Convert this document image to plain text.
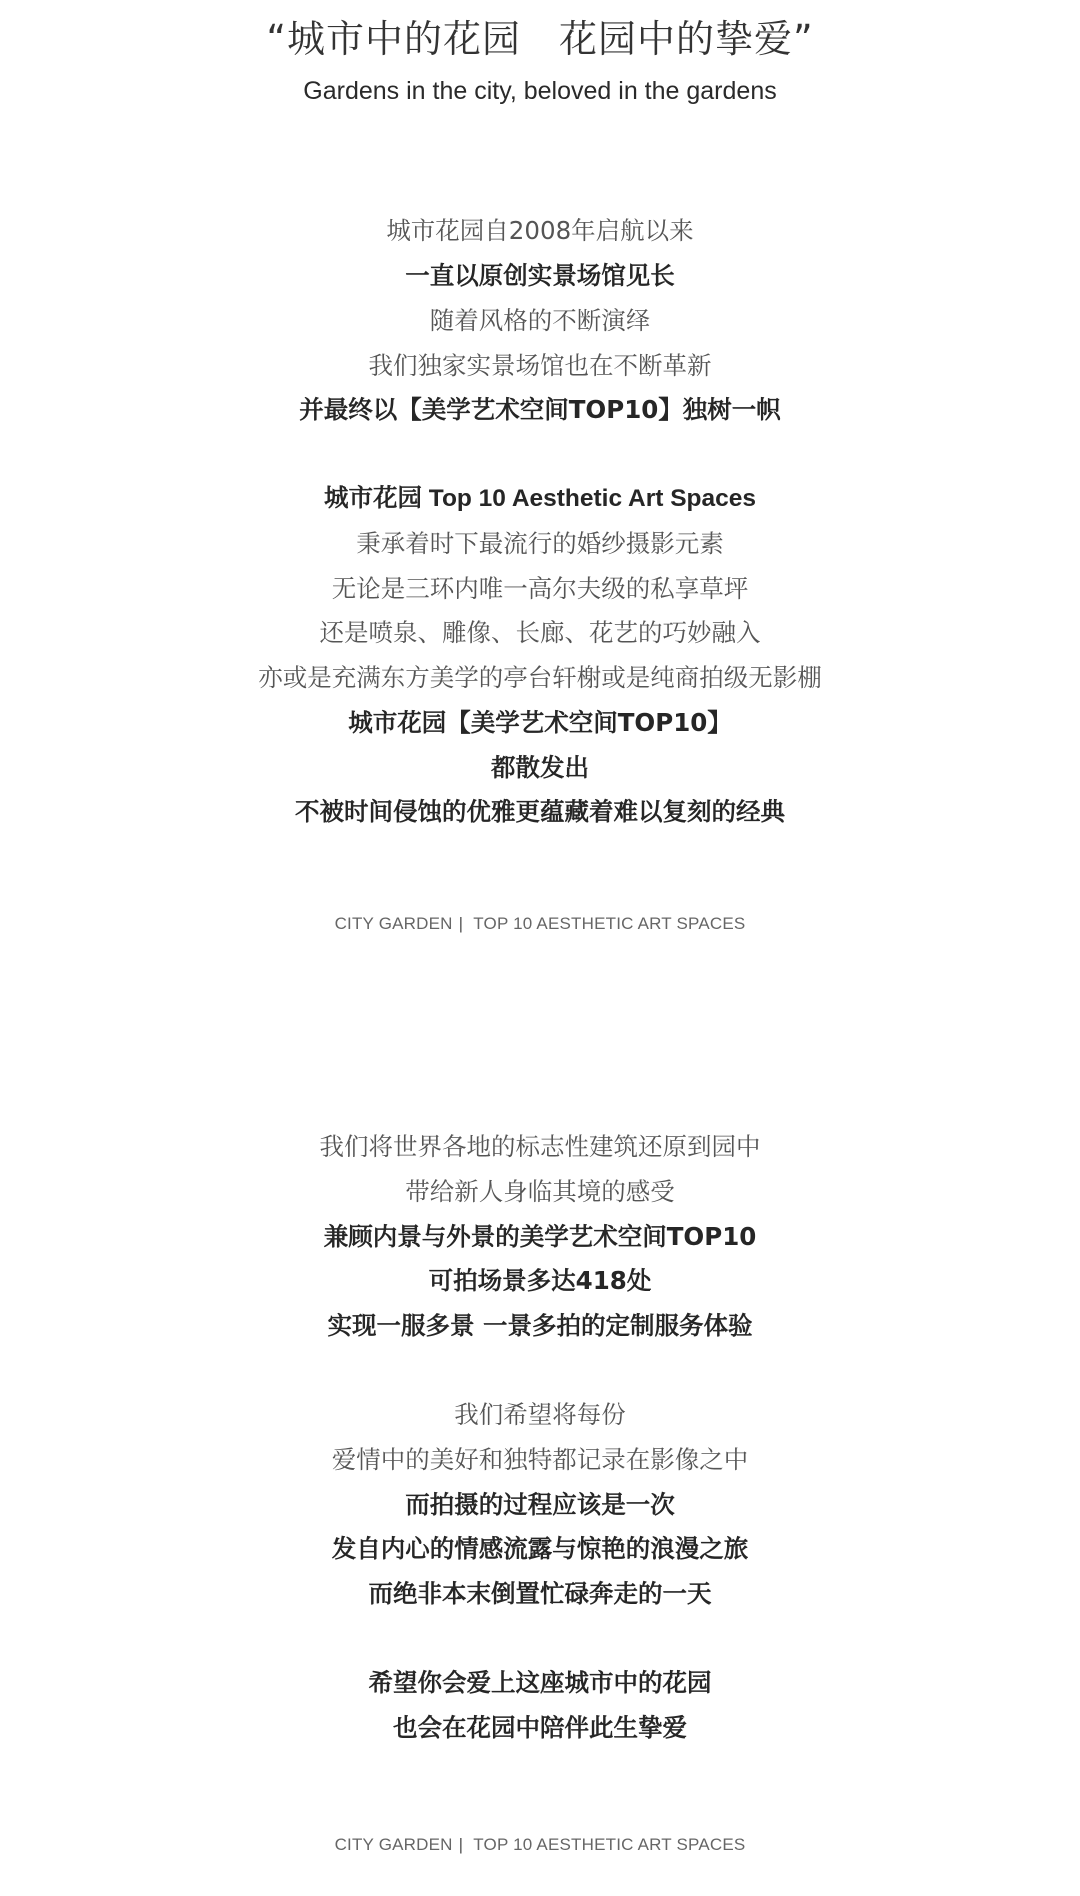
“城市中的花园 花园中的挚爱”
Gardens in the city, beloved in the gardens
城市花园自2008年启航以来
一直以原创实景场馆见长
随着风格的不断演绎
我们独家实景场馆也在不断革新
并最终以【美学艺术空间TOP10】独树一帜
城市花园 Top 10 Aesthetic Art Spaces
秉承着时下最流行的婚纱摄影元素
无论是三环内唯一高尔夫级的私享草坪
还是喷泉、雕像、长廊、花艺的巧妙融入
亦或是充满东方美学的亭台轩榭或是纯商拍级无影棚
城市花园【美学艺术空间TOP10】
都散发出
不被时间侵蚀的优雅更蕴藏着难以复刻的经典
CITY GARDEN | TOP 10 AESTHETIC ART SPACES
我们将世界各地的标志性建筑还原到园中
带给新人身临其境的感受
兼顾内景与外景的美学艺术空间TOP10
可拍场景多达418处
实现一服多景 一景多拍的定制服务体验
我们希望将每份
爱情中的美好和独特都记录在影像之中
而拍摄的过程应该是一次
发自内心的情感流露与惊艳的浪漫之旅
而绝非本末倒置忙碌奔走的一天
希望你会爱上这座城市中的花园
也会在花园中陪伴此生挚爱
CITY GARDEN | TOP 10 AESTHETIC ART SPACES
